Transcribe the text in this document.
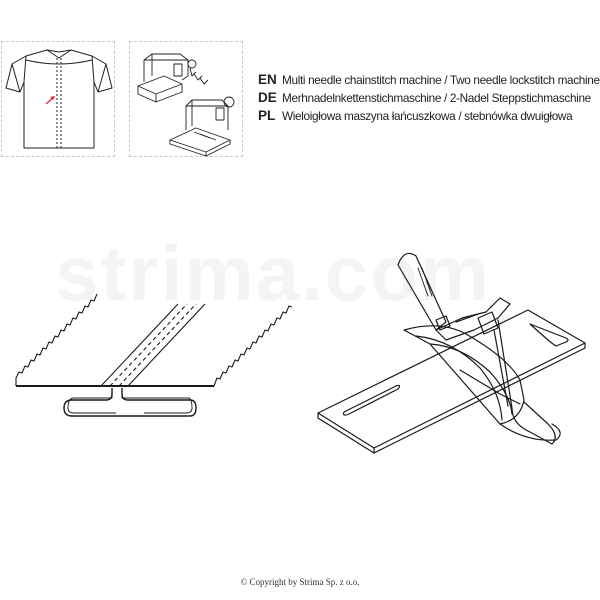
EN Multi needle chainstitch machine / Two needle lockstitch machine
DE Merhnadelnkettenstichmaschine / 2-Nadel Steppstichmaschine
PL Wieloigłowa maszyna łańcuszkowa / stebnówka dwuigłowa
strima.com
© Copyright by Strima Sp. z o.o.
